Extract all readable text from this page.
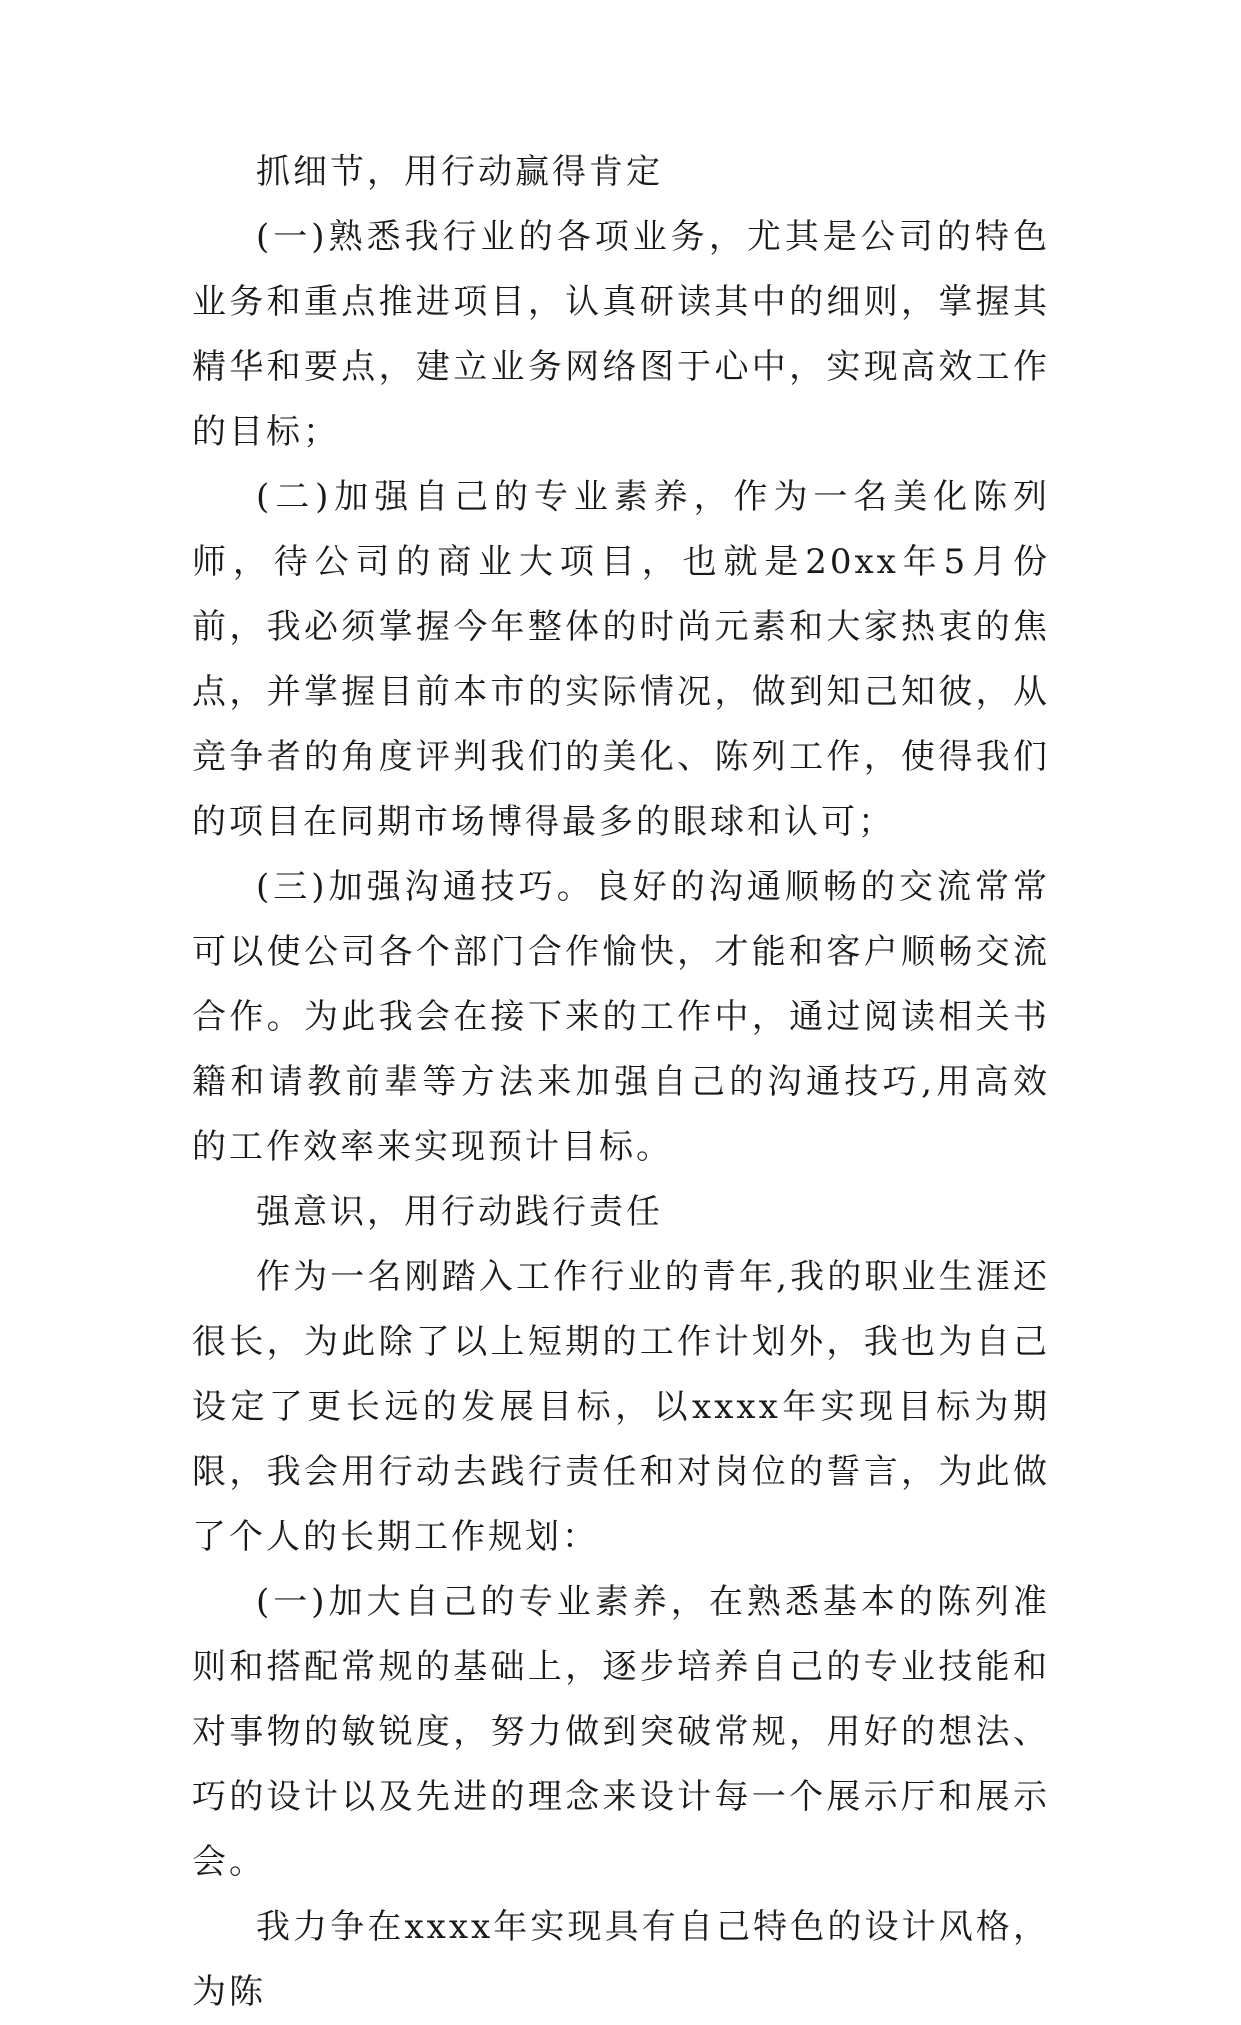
抓细节，用行动赢得肯定

(一)熟悉我行业的各项业务，尤其是公司的特色业务和重点推进项目，认真研读其中的细则，掌握其精华和要点，建立业务网络图于心中，实现高效工作的目标；

(二)加强自己的专业素养，作为一名美化陈列师，待公司的商业大项目，也就是20xx年5月份前，我必须掌握今年整体的时尚元素和大家热衷的焦点，并掌握目前本市的实际情况，做到知己知彼，从竞争者的角度评判我们的美化、陈列工作，使得我们的项目在同期市场博得最多的眼球和认可；

(三)加强沟通技巧。良好的沟通顺畅的交流常常可以使公司各个部门合作愉快，才能和客户顺畅交流合作。为此我会在接下来的工作中，通过阅读相关书籍和请教前辈等方法来加强自己的沟通技巧,用高效的工作效率来实现预计目标。

强意识，用行动践行责任

作为一名刚踏入工作行业的青年,我的职业生涯还很长，为此除了以上短期的工作计划外，我也为自己设定了更长远的发展目标，以xxxx年实现目标为期限，我会用行动去践行责任和对岗位的誓言，为此做了个人的长期工作规划：

(一)加大自己的专业素养，在熟悉基本的陈列准则和搭配常规的基础上，逐步培养自己的专业技能和对事物的敏锐度，努力做到突破常规，用好的想法、巧的设计以及先进的理念来设计每一个展示厅和展示会。

我力争在xxxx年实现具有自己特色的设计风格，为陈
